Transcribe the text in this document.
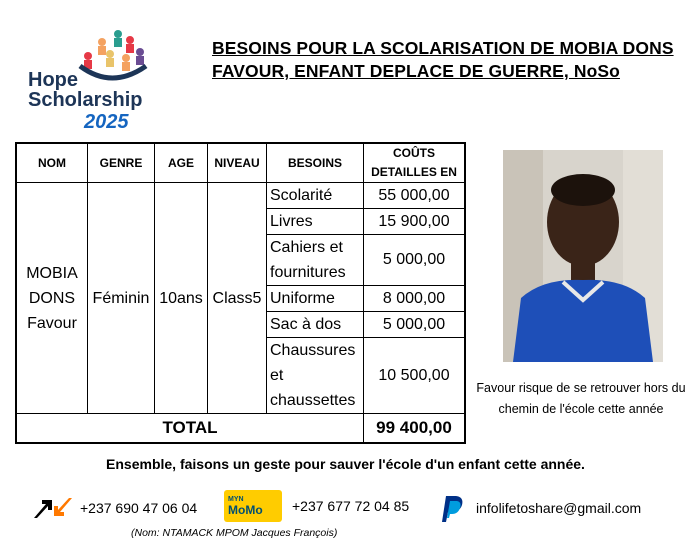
Hope
Scholarship
2025
BESOINS POUR LA SCOLARISATION DE MOBIA DONS FAVOUR, ENFANT DEPLACE DE GUERRE, NoSo
NOM	GENRE	AGE	NIVEAU	BESOINS	COÛTS
DETAILLES EN

MOBIA DONS Favour	Féminin	10ans	Class5	Scolarité	55 000,00
				Livres	15 900,00
				Cahiers et fournitures	5 000,00
				Uniforme	8 000,00
				Sac à dos	5 000,00
				Chaussures et chaussettes	10 500,00
TOTAL					99 400,00
Favour risque de se retrouver hors du chemin de l'école cette année
Ensemble, faisons un geste pour sauver l'école d'un enfant cette année.
+237 690 47 06 04
MYN
MoMo	+237 677 72 04 85	infolifetoshare@gmail.com
(Nom: NTAMACK MPOM Jacques François)
